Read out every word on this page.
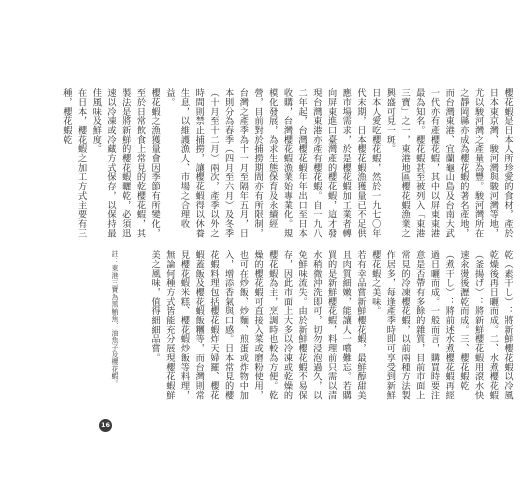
櫻花蝦是日本人所珍愛的食材，產於日本東京灣、駿河灣與駿河灣等地，尤以駿河灣之產量為豐。駿河灣所在之靜岡縣亦成為櫻花蝦的著名產地，而台灣東港、宜蘭龜山島及台南大武一代亦有產櫻花蝦，其中以屏東東港最為知名。櫻花蝦甚至被列入「東港三寶」之一，東港地區櫻花蝦漁業之興盛可見一斑。
日本人愛吃櫻花蝦，然於一九七〇年代末期，日本櫻花蝦漁獲量已不足供應市場需求，於是櫻花蝦加工業者轉向屏東進口臺灣產的櫻花蝦，這才發現台灣東港亦產有櫻花蝦。自一九八二年起，台灣櫻花蝦年年出口至日本收購，台灣櫻花蝦漁業始專業化。規模化發展，為求生態保育及永續經營，目前對於捕撈期間亦有所限制，台灣之產季為十一月至隔年五月，日本則分為春季（四月至六月）及冬季（十月至十二月）兩次，產季以外之時間則禁止捕撈，讓櫻花蝦得以休養生息，以維護漁人、市場之合理收益。
櫻花蝦之漁獲量會因季節有所變化，至於日常飲食上常見的乾櫻花蝦，其製法是將新鮮的櫻花蝦曬乾，必須迅速以冷凍或冷藏方式保存，以保持最佳風味及鮮度。
在日本，櫻花蝦之加工方式主要有三種，櫻花蝦乾
乾（素干し）：將新鮮櫻花蝦以冷風乾燥後再日曬而成。二、水煮櫻花蝦（釜揚げ）：將新鮮櫻花蝦用滾水快速汆燙後瀝乾而成。三、櫻花蝦乾（煮干し）：將前述水煮櫻花蝦再經過日曬而成。一般而言，購買時要注意是否帶有多餘的雜質，目前市面上常見的冷凍櫻花蝦，以前兩種方法製作居多，每逢產季時即可享受到新鮮櫻花蝦之美味。
若有幸品嘗新鮮櫻花蝦，最鮮醇甜美且肉質細嫩，能讓人一嚐難忘。若購買的是新鮮櫻花蝦，料理前只需以清水稍微沖洗即可，切勿浸泡過久，以免鮮味流失。由於新鮮櫻花蝦不易保存，因此市面上大多以冷凍或乾燥的櫻花蝦為主，烹調時也較為方便。乾燥的櫻花蝦可直接入菜或磨粉使用，也可在炒飯、炒麵、煎蛋或炸物中加入，增添香氣與口感。日本常見的櫻花蝦料理包括櫻花蝦炸天婦羅、櫻花蝦蓋飯及櫻花蝦飯糰等，而台灣則常見櫻花蝦米糕、櫻花蝦炒飯等料理，無論何種方式皆能充分展現櫻花蝦鮮美之風味，值得細細品嘗。
註：東港三寶為黑鮪魚、油魚子及櫻花蝦。
16
